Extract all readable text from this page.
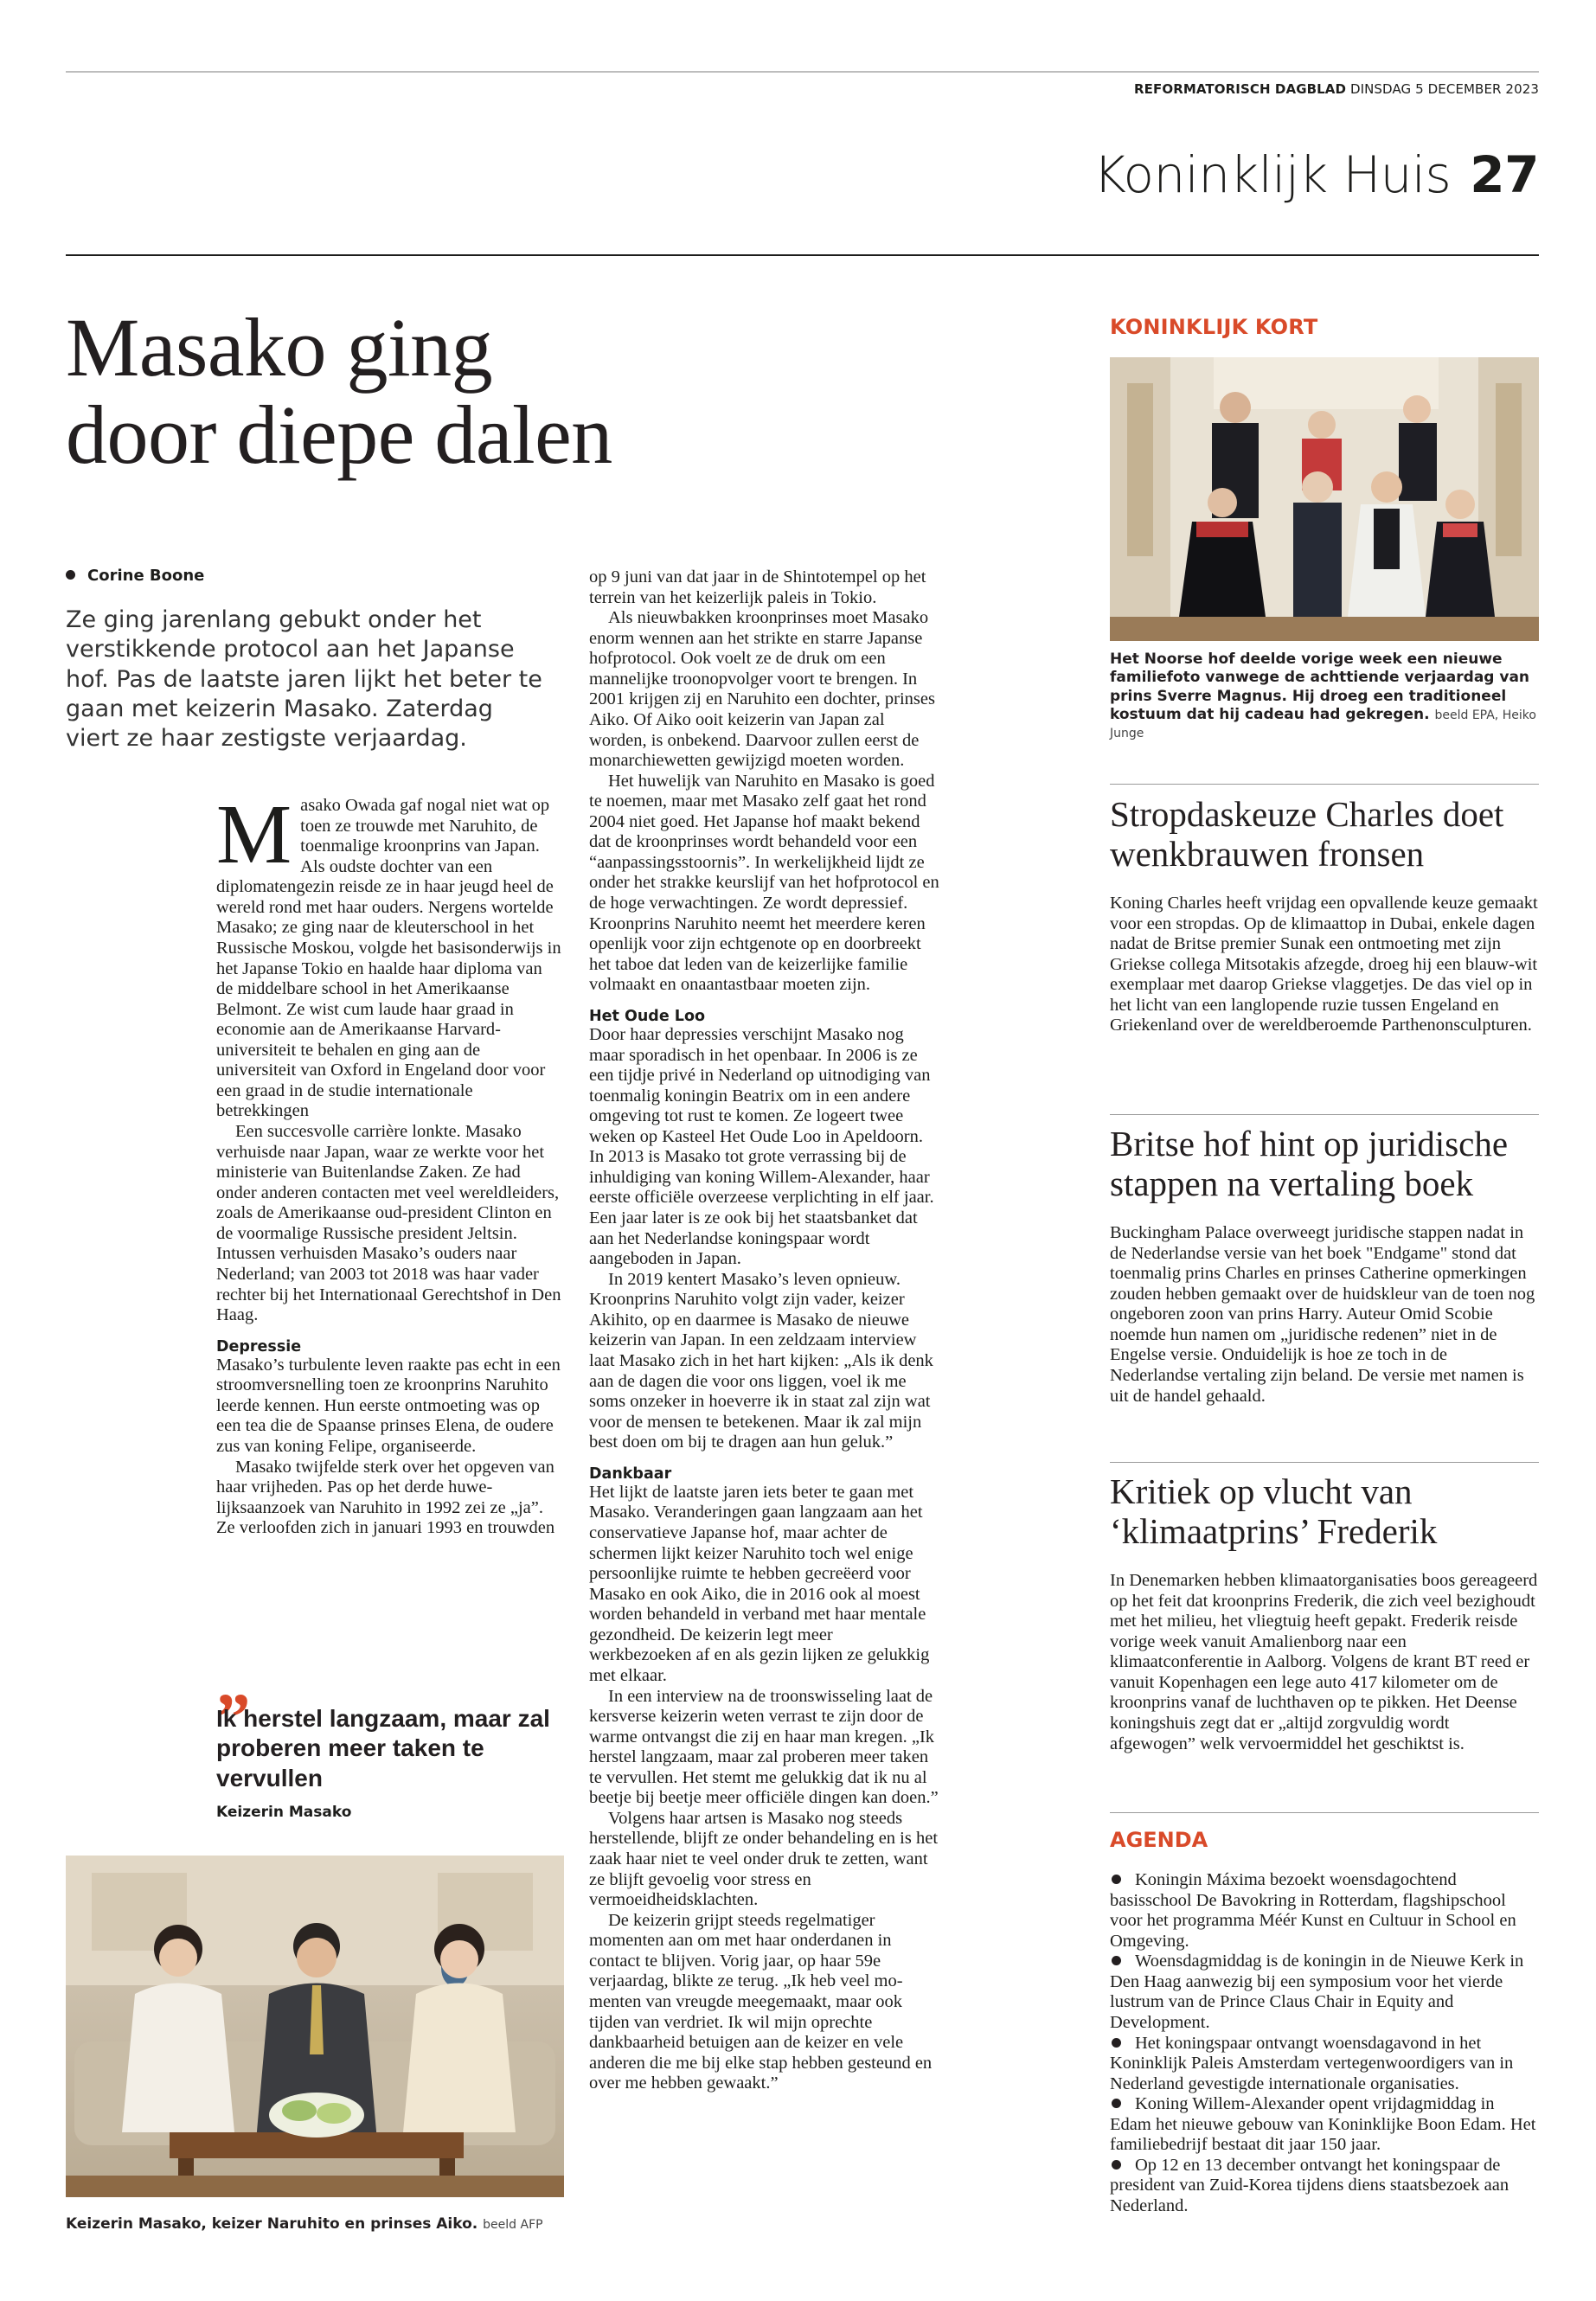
REFORMATORISCH DAGBLAD DINSDAG 5 DECEMBER 2023
Koninklijk Huis 27
Masako ging
door diepe dalen
Corine Boone
Ze ging jarenlang gebukt onder het verstikkende protocol aan het Japanse hof. Pas de laatste jaren lijkt het beter te gaan met keizerin Masako. Zaterdag viert ze haar zestigste verjaardag.

Masako Owada gaf nogal niet wat op toen ze trouwde met Naruhito, de toenmalige kroonprins van Japan. Als oudste dochter van een diplomatengezin reisde ze in haar jeugd heel de wereld rond met haar ouders. Nergens wortelde Masako; ze ging naar de kleuterschool in het Russische Moskou, volgde het basisonderwijs in het Japanse Tokio en haalde haar diploma van de middelbare school in het Amerikaanse Belmont. Ze wist cum laude haar graad in economie aan de Amerikaanse Harvard-universiteit te behalen en ging aan de universiteit van Oxford in Engeland door voor een graad in de studie internationale betrekkingen

Een succesvolle carrière lonkte. Masako verhuisde naar Japan, waar ze werkte voor het ministerie van Buitenlandse Zaken. Ze had onder anderen contacten met veel wereldleiders, zoals de Amerikaanse oud-president Clinton en de voormalige Russische president Jeltsin. Intussen verhuisden Masako’s ouders naar Nederland; van 2003 tot 2018 was haar vader rechter bij het Internationaal Gerechtshof in Den Haag.

Depressie

Masako’s turbulente leven raakte pas echt in een stroomversnelling toen ze kroonprins Naruhito leerde kennen. Hun eerste ontmoeting was op een tea die de Spaanse prinses Elena, de oudere zus van koning Felipe, organiseerde.

Masako twijfelde sterk over het opgeven van haar vrijheden. Pas op het derde huwelijksaanzoek van Naruhito in 1992 zei ze „ja”. Ze verloofden zich in januari 1993 en trouwden

op 9 juni van dat jaar in de Shintotempel op het terrein van het keizerlijk paleis in Tokio.

Als nieuwbakken kroonprinses moet Masako enorm wennen aan het strikte en starre Japanse hofprotocol. Ook voelt ze de druk om een mannelijke troonopvolger voort te brengen. In 2001 krijgen zij en Naruhito een dochter, prinses Aiko. Of Aiko ooit keizerin van Japan zal worden, is onbekend. Daarvoor zullen eerst de monarchiewetten gewijzigd moeten worden.

Het huwelijk van Naruhito en Masako is goed te noemen, maar met Masako zelf gaat het rond 2004 niet goed. Het Japanse hof maakt bekend dat de kroonprinses wordt behandeld voor een “aanpassingsstoornis”. In werkelijkheid lijdt ze onder het strakke keurslijf van het hofprotocol en de hoge verwachtingen. Ze wordt depressief. Kroonprins Naruhito neemt het meerdere keren openlijk voor zijn echtgenote op en doorbreekt het taboe dat leden van de keizerlijke familie volmaakt en onaantastbaar moeten zijn.

Het Oude Loo

Door haar depressies verschijnt Masako nog maar sporadisch in het openbaar. In 2006 is ze een tijdje privé in Nederland op uitnodiging van toenmalig koningin Beatrix om in een andere omgeving tot rust te komen. Ze logeert twee weken op Kasteel Het Oude Loo in Apeldoorn. In 2013 is Masako tot grote verrassing bij de inhuldiging van koning Willem-Alexander, haar eerste officiële overzeese verplichting in elf jaar. Een jaar later is ze ook bij het staatsbanket dat aan het Nederlandse koningspaar wordt aangeboden in Japan.

In 2019 kentert Masako’s leven opnieuw. Kroonprins Naruhito volgt zijn vader, keizer Akihito, op en daarmee is Masako de nieuwe keizerin van Japan. In een zeldzaam interview laat Masako zich in het hart kijken: „Als ik denk aan de dagen die voor ons liggen, voel ik me soms onzeker in hoeverre ik in staat zal zijn wat voor de mensen te betekenen. Maar ik zal mijn best doen om bij te dragen aan hun geluk.”

Dankbaar

Het lijkt de laatste jaren iets beter te gaan met Masako. Veranderingen gaan langzaam aan het conservatieve Japanse hof, maar achter de schermen lijkt keizer Naruhito toch wel enige persoonlijke ruimte te hebben gecreëerd voor Masako en ook Aiko, die in 2016 ook al moest worden behandeld in verband met haar mentale gezondheid. De keizerin legt meer werkbezoeken af en als gezin lijken ze gelukkig met elkaar.

In een interview na de troonswisseling laat de kersverse keizerin weten verrast te zijn door de warme ontvangst die zij en haar man kregen. „Ik herstel langzaam, maar zal proberen meer taken te vervullen. Het stemt me gelukkig dat ik nu al beetje bij beetje meer officiële dingen kan doen.”

Volgens haar artsen is Masako nog steeds herstellende, blijft ze onder behandeling en is het zaak haar niet te veel onder druk te zetten, want ze blijft gevoelig voor stress en vermoeidheidsklachten.

De keizerin grijpt steeds regelmatiger momenten aan om met haar onderdanen in contact te blijven. Vorig jaar, op haar 59e verjaardag, blikte ze terug. „Ik heb veel momenten van vreugde meegemaakt, maar ook tijden van verdriet. Ik wil mijn oprechte dankbaarheid betuigen aan de keizer en vele anderen die me bij elke stap hebben gesteund en over me hebben gewaakt.”

„
Ik herstel langzaam, maar zal proberen meer taken te vervullen
Keizerin Masako
Keizerin Masako, keizer Naruhito en prinses Aiko. beeld AFP
KONINKLIJK KORT
Het Noorse hof deelde vorige week een nieuwe familiefoto vanwege de achttiende verjaardag van prins Sverre Magnus. Hij droeg een traditioneel kostuum dat hij cadeau had gekregen. beeld EPA, Heiko Junge
Stropdaskeuze Charles doet wenkbrauwen fronsen
Koning Charles heeft vrijdag een opvallende keuze gemaakt voor een stropdas. Op de klimaattop in Dubai, enkele dagen nadat de Britse premier Sunak een ontmoeting met zijn Griekse collega Mitsotakis afzegde, droeg hij een blauw-wit exemplaar met daarop Griekse vlaggetjes. De das viel op in het licht van een langlopende ruzie tussen Engeland en Griekenland over de wereldberoemde Parthenonsculpturen.
Britse hof hint op juridische stappen na vertaling boek
Buckingham Palace overweegt juridische stappen nadat in de Nederlandse versie van het boek "Endgame" stond dat toenmalig prins Charles en prinses Catherine opmerkingen zouden hebben gemaakt over de huidskleur van de toen nog ongeboren zoon van prins Harry. Auteur Omid Scobie noemde hun namen om „juridische redenen” niet in de Engelse versie. Onduidelijk is hoe ze toch in de Nederlandse vertaling zijn beland. De versie met namen is uit de handel gehaald.
Kritiek op vlucht van ‘klimaatprins’ Frederik
In Denemarken hebben klimaatorganisaties boos gereageerd op het feit dat kroonprins Frederik, die zich veel bezighoudt met het milieu, het vliegtuig heeft gepakt. Frederik reisde vorige week vanuit Amalienborg naar een klimaatconferentie in Aalborg. Volgens de krant BT reed er vanuit Kopenhagen een lege auto 417 kilometer om de kroonprins vanaf de luchthaven op te pikken. Het Deense koningshuis zegt dat er „altijd zorgvuldig wordt afgewogen” welk vervoermiddel het geschiktst is.
AGENDA
Koningin Máxima bezoekt woensdagochtend basisschool De Bavokring in Rotterdam, flagshipschool voor het programma Méér Kunst en Cultuur in School en Omgeving.
Woensdagmiddag is de koningin in de Nieuwe Kerk in Den Haag aanwezig bij een symposium voor het vierde lustrum van de Prince Claus Chair in Equity and Development.
Het koningspaar ontvangt woensdagavond in het Koninklijk Paleis Amsterdam vertegenwoordigers van in Nederland gevestigde internationale organisaties.
Koning Willem-Alexander opent vrijdagmiddag in Edam het nieuwe gebouw van Koninklijke Boon Edam. Het familiebedrijf bestaat dit jaar 150 jaar.
Op 12 en 13 december ontvangt het koningspaar de president van Zuid-Korea tijdens diens staatsbezoek aan Nederland.
